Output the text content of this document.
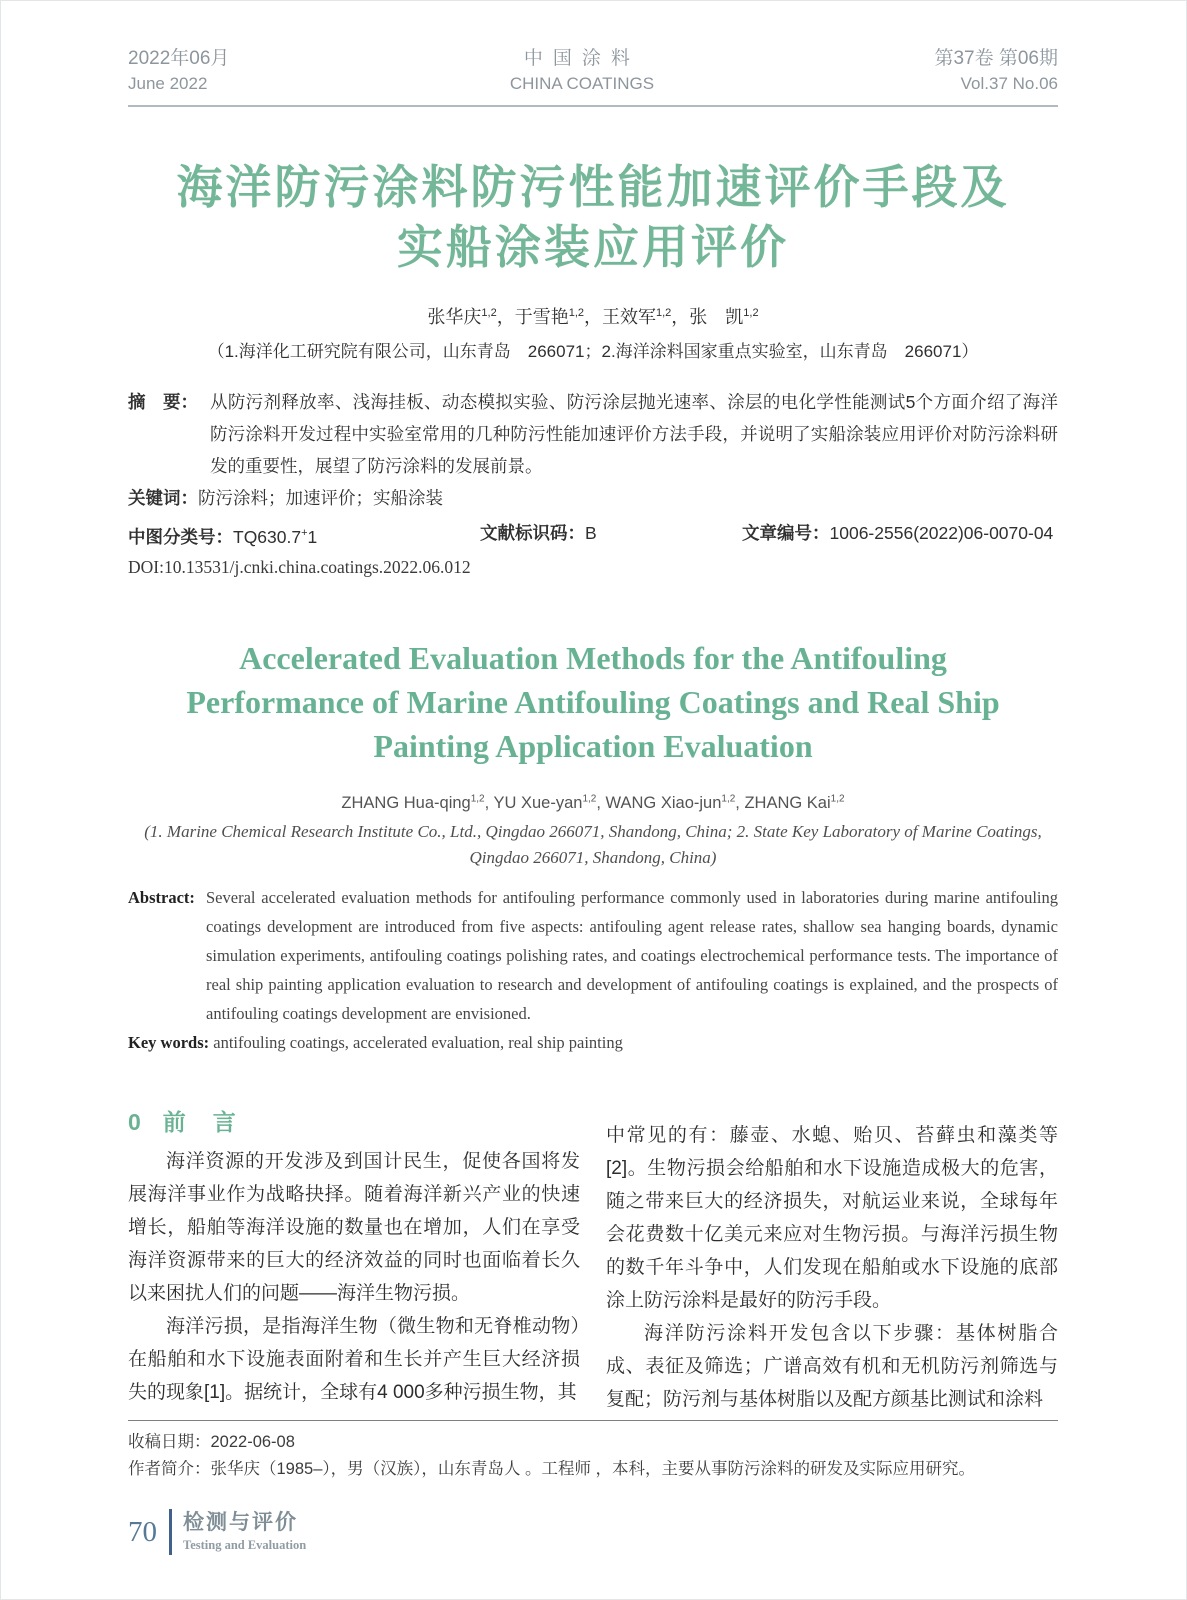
2022年06月
June 2022
中国涂料
CHINA COATINGS
第37卷 第06期
Vol.37 No.06
海洋防污涂料防污性能加速评价手段及
实船涂装应用评价
张华庆$^{1,2}$，于雪艳$^{1,2}$，王效军$^{1,2}$，张　凯$^{1,2}$
（1.海洋化工研究院有限公司，山东青岛　266071；2.海洋涂料国家重点实验室，山东青岛　266071）
摘　要： 从防污剂释放率、浅海挂板、动态模拟实验、防污涂层抛光速率、涂层的电化学性能测试5个方面介绍了海洋防污涂料开发过程中实验室常用的几种防污性能加速评价方法手段，并说明了实船涂装应用评价对防污涂料研发的重要性，展望了防污涂料的发展前景。
关键词：防污涂料；加速评价；实船涂装
中图分类号：TQ630.7+1	文献标识码：B	文章编号：1006-2556(2022)06-0070-04
DOI:10.13531/j.cnki.china.coatings.2022.06.012
Accelerated Evaluation Methods for the Antifouling
Performance of Marine Antifouling Coatings and Real Ship
Painting Application Evaluation
ZHANG Hua-qing$^{1,2}$, YU Xue-yan$^{1,2}$, WANG Xiao-jun$^{1,2}$, ZHANG Kai$^{1,2}$
(1. Marine Chemical Research Institute Co., Ltd., Qingdao 266071, Shandong, China; 2. State Key Laboratory of Marine Coatings, Qingdao 266071, Shandong, China)
Abstract: Several accelerated evaluation methods for antifouling performance commonly used in laboratories during marine antifouling coatings development are introduced from five aspects: antifouling agent release rates, shallow sea hanging boards, dynamic simulation experiments, antifouling coatings polishing rates, and coatings electrochemical performance tests. The importance of real ship painting application evaluation to research and development of antifouling coatings is explained, and the prospects of antifouling coatings development are envisioned.
Key words: antifouling coatings, accelerated evaluation, real ship painting
0 前　言

海洋资源的开发涉及到国计民生，促使各国将发展海洋事业作为战略抉择。随着海洋新兴产业的快速增长，船舶等海洋设施的数量也在增加，人们在享受海洋资源带来的巨大的经济效益的同时也面临着长久以来困扰人们的问题——海洋生物污损。

海洋污损，是指海洋生物（微生物和无脊椎动物）在船舶和水下设施表面附着和生长并产生巨大经济损失的现象[1]。据统计，全球有4 000多种污损生物，其

中常见的有：藤壶、水螅、贻贝、苔藓虫和藻类等[2]。生物污损会给船舶和水下设施造成极大的危害，随之带来巨大的经济损失，对航运业来说，全球每年会花费数十亿美元来应对生物污损。与海洋污损生物的数千年斗争中，人们发现在船舶或水下设施的底部涂上防污涂料是最好的防污手段。

海洋防污涂料开发包含以下步骤：基体树脂合成、表征及筛选；广谱高效有机和无机防污剂筛选与复配；防污剂与基体树脂以及配方颜基比测试和涂料

收稿日期：2022-06-08
作者简介：张华庆（1985–），男（汉族），山东青岛人 。工程师 ，本科，主要从事防污涂料的研发及实际应用研究。
70 检测与评价
Testing and Evaluation
